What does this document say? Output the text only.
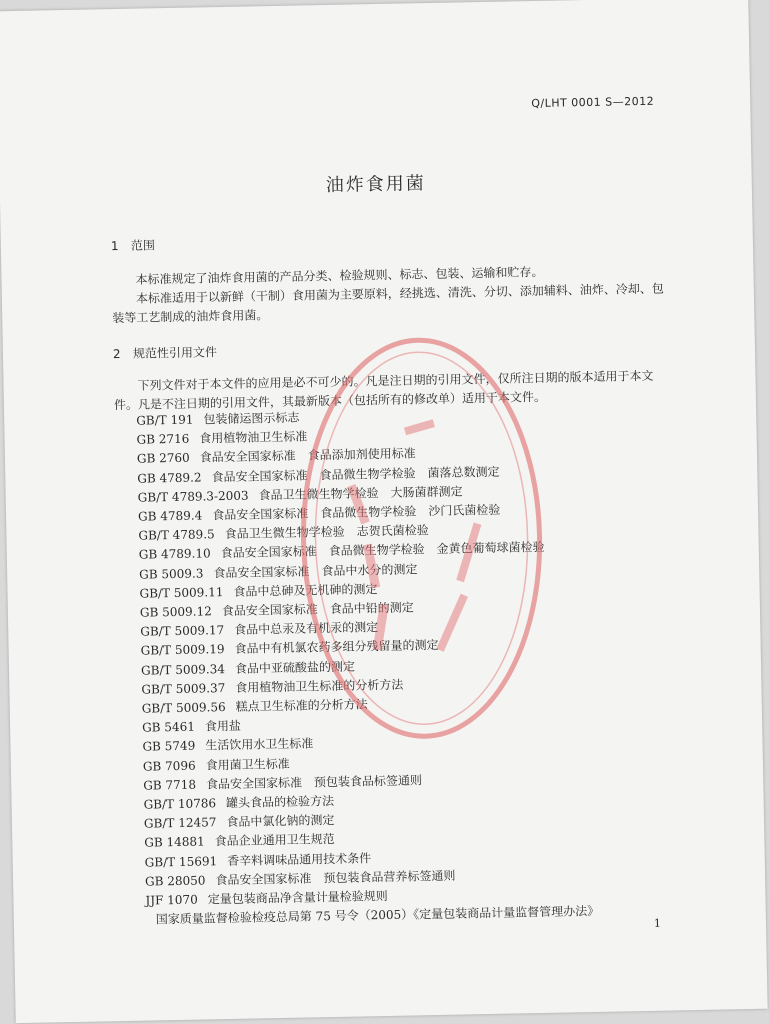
Q/LHT 0001 S—2012
油炸食用菌
1 范围

本标准规定了油炸食用菌的产品分类、检验规则、标志、包装、运输和贮存。

本标准适用于以新鲜（干制）食用菌为主要原料，经挑选、清洗、分切、添加辅料、油炸、冷却、包装等工艺制成的油炸食用菌。

2 规范性引用文件

下列文件对于本文件的应用是必不可少的。凡是注日期的引用文件，仅所注日期的版本适用于本文件。凡是不注日期的引用文件，其最新版本（包括所有的修改单）适用于本文件。

GB/T 191 包装储运图示标志
GB 2716 食用植物油卫生标准
GB 2760 食品安全国家标准　食品添加剂使用标准
GB 4789.2 食品安全国家标准　食品微生物学检验　菌落总数测定
GB/T 4789.3-2003 食品卫生微生物学检验　大肠菌群测定
GB 4789.4 食品安全国家标准　食品微生物学检验　沙门氏菌检验
GB/T 4789.5 食品卫生微生物学检验　志贺氏菌检验
GB 4789.10 食品安全国家标准　食品微生物学检验　金黄色葡萄球菌检验
GB 5009.3 食品安全国家标准　食品中水分的测定
GB/T 5009.11 食品中总砷及无机砷的测定
GB 5009.12 食品安全国家标准　食品中铅的测定
GB/T 5009.17 食品中总汞及有机汞的测定
GB/T 5009.19 食品中有机氯农药多组分残留量的测定
GB/T 5009.34 食品中亚硫酸盐的测定
GB/T 5009.37 食用植物油卫生标准的分析方法
GB/T 5009.56 糕点卫生标准的分析方法
GB 5461 食用盐
GB 5749 生活饮用水卫生标准
GB 7096 食用菌卫生标准
GB 7718 食品安全国家标准　预包装食品标签通则
GB/T 10786 罐头食品的检验方法
GB/T 12457 食品中氯化钠的测定
GB 14881 食品企业通用卫生规范
GB/T 15691 香辛料调味品通用技术条件
GB 28050 食品安全国家标准　预包装食品营养标签通则
JJF 1070 定量包装商品净含量计量检验规则
国家质量监督检验检疫总局第 75 号令（2005）《定量包装商品计量监督管理办法》	1
